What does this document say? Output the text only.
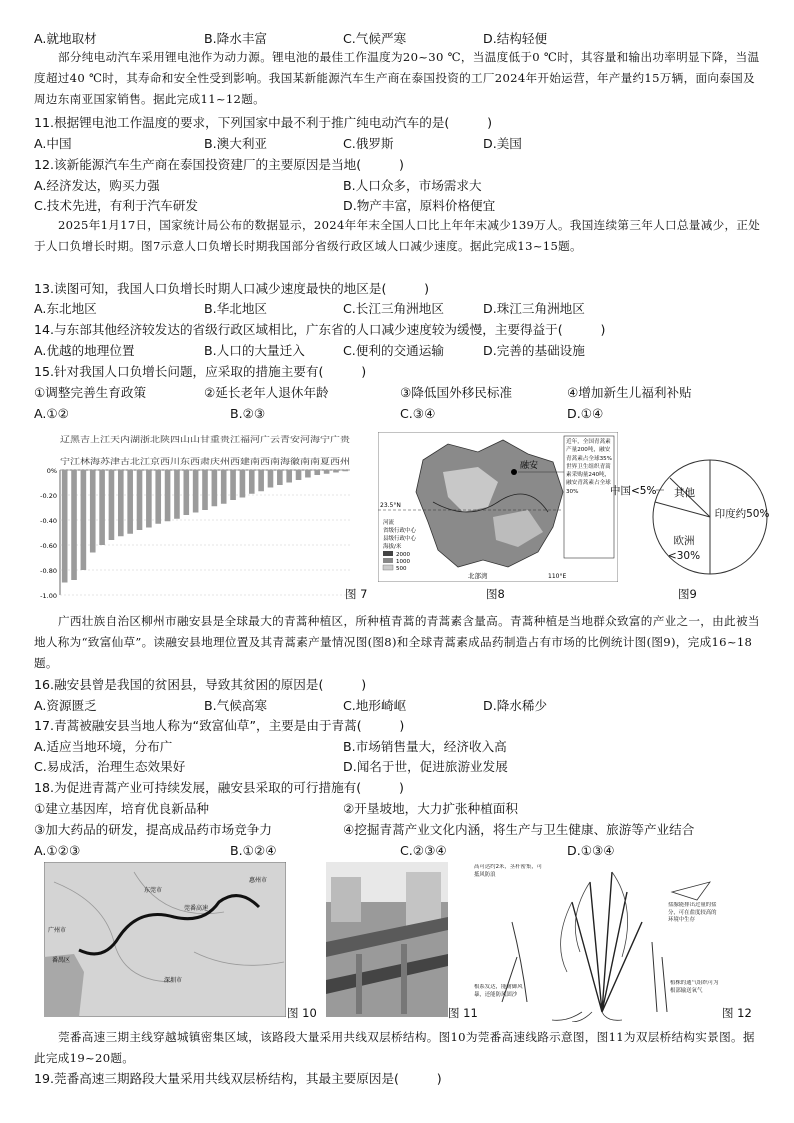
A.就地取材	B.降水丰富	C.气候严寒	D.结构轻便
部分纯电动汽车采用锂电池作为动力源。锂电池的最佳工作温度为20~30 ℃，当温度低于0 ℃时，其容量和输出功率明显下降，当温度超过40 ℃时，其寿命和安全性受到影响。我国某新能源汽车生产商在泰国投资的工厂2024年开始运营，年产量约15万辆，面向泰国及周边东南亚国家销售。据此完成11~12题。
11.根据锂电池工作温度的要求，下列国家中最不利于推广纯电动汽车的是(　　　)
A.中国	B.澳大利亚	C.俄罗斯	D.美国
12.该新能源汽车生产商在泰国投资建厂的主要原因是当地(　　　)
A.经济发达，购买力强	B.人口众多，市场需求大
C.技术先进，有利于汽车研发	D.物产丰富，原料价格便宜
2025年1月17日，国家统计局公布的数据显示，2024年年末全国人口比上年年末减少139万人。我国连续第三年人口总量减少，正处于人口负增长时期。图7示意人口负增长时期我国部分省级行政区域人口减少速度。据此完成13~15题。
13.读图可知，我国人口负增长时期人口减少速度最快的地区是(　　　)
A.东北地区	B.华北地区	C.长江三角洲地区	D.珠江三角洲地区
14.与东部其他经济较发达的省级行政区域相比，广东省的人口减少速度较为缓慢，主要得益于(　　　)
A.优越的地理位置	B.人口的大量迁入	C.便利的交通运输	D.完善的基础设施
15.针对我国人口负增长问题，应采取的措施主要有(　　　)
①调整完善生育政策	②延长老年人退休年龄	③降低国外移民标准	④增加新生儿福利补贴
A.①②	B.②③	C.③④	D.①④
辽黑吉上江天内湖浙北陕四山山甘重贵江福河广云青安河海宁广贵
宁江林海苏津古北江京西川东西肃庆州西建南西南海徽南南夏西州
0%
-0.20
-0.40
-0.60
-0.80
-1.00	图 7
融安
23.5°N
北部湾	110°E
河流
省级行政中心
县级行政中心
海拔/米
2000
1000
500
近年，全国青蒿素产量200吨，融安青蒿素占全球35%世界卫生组织青蒿素采购量240吨，融安青蒿素占全球30%
图8
中国<5% 其他
印度约50%
欧洲<30%
图9
广西壮族自治区柳州市融安县是全球最大的青蒿种植区，所种植青蒿的青蒿素含量高。青蒿种植是当地群众致富的产业之一，由此被当地人称为“致富仙草”。读融安县地理位置及其青蒿素产量情况图(图8)和全球青蒿素成品药制造占有市场的比例统计图(图9)，完成16~18题。
16.融安县曾是我国的贫困县，导致其贫困的原因是(　　　)
A.资源匮乏	B.气候高寒	C.地形崎岖	D.降水稀少
17.青蒿被融安县当地人称为“致富仙草”，主要是由于青蒿(　　　)
A.适应当地环境，分布广	B.市场销售量大，经济收入高
C.易成活，治理生态效果好	D.闻名于世，促进旅游业发展
18.为促进青蒿产业可持续发展，融安县采取的可行措施有(　　　)
①建立基因库，培育优良新品种	②开垦坡地，大力扩张种植面积
③加大药品的研发，提高成品药市场竞争力	④挖掘青蒿产业文化内涵，将生产与卫生健康、旅游等产业结合
A.①②③	B.①②④	C.②③④	D.①③④
广州市
番禺区
东莞市
惠州市
深圳市
莞番高速
图 10	图 11
高可达约2米，茎秆密集，可抵风防浪
根系发达，能耐御风暴，还能防风固沙
盐腺能排出过量的盐分，可在盐度较高的环境中生存
植株的通气组织可为根部输送氧气
图 12
莞番高速三期主线穿越城镇密集区域，该路段大量采用共线双层桥结构。图10为莞番高速线路示意图，图11为双层桥结构实景图。据此完成19~20题。
19.莞番高速三期路段大量采用共线双层桥结构，其最主要原因是(　　　)
